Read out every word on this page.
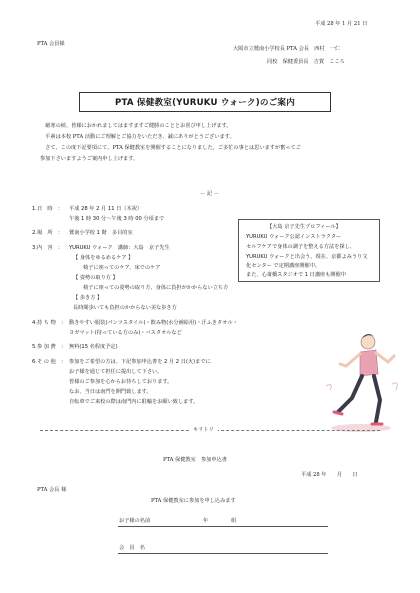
平成 28 年 1 月 21 日
PTA 会員様
大阪市立鷲南小学校長 PTA 会長　西村　一仁
同校　保健委員長　吉賀　こころ
PTA 保健教室(YURUKU ウォーク)のご案内
　厳寒の候、皆様におかれましてはますますご健勝のこととお喜び申し上げます。
　平素は本校 PTA 活動にご理解とご協力をいただき、誠にありがとうございます。
　さて、この度下記要項にて、PTA 保健教室を開催することになりました。ご多忙の事とは思いますが奮ってご
参加下さいますようご案内申し上げます。
－ 記 －
【大島 京子先生プロフィール】
YURUKU ウォーク公認インストラクター
セルフケアで身体の調子を整える方法を探し、
YURUKU ウォークと出会う。現在、京都よみうり文
化センター で定期講座開催中。
また、心斎橋スタジオで 1 日講座も開催中
1.日　時　： 平成 28 年 2 月 11 日（木祝）
午後 1 時 30 分～午後 3 時 00 分頃まで
2.場　所　： 鷲南小学校 1 階　多目的室
3.内　容　： YURUKU ウォーク　講師：大島　京子先生
【 身体をゆるめるケア 】
椅子に座ってのケア、床でのケア
【 姿勢の取り方 】
椅子に座っての姿勢の取り方、身体に負担がかからない立ち方
【 歩き方 】
長時間歩いても負担のかからない美な歩き方
4.持 ち 物　： 動きやすい服装(パンツスタイル)・飲み物(水分補給用)・汗ふきタオル・
ヨガマット(持っている方のみ)・バスタオルなど
5.参 加 費　： 無料(15 名程度予定)
6.そ の 他　： 参加をご希望の方は、下記参加申込書を 2 月 2 日(火)までに
お子様を通じて担任に提出して下さい。
皆様のご参加を心からお待ちしております。
なお、当日は南門を開門致します。
自転車でご来校の際は南門内に駐輪をお願い致します。
キリトリ
PTA 保健教室　参加申込書
平成 28 年　　月　　日
PTA 会長 様
PTA 保健教室に参加を申し込みます
お子様の名前	年	組
会　員　名
